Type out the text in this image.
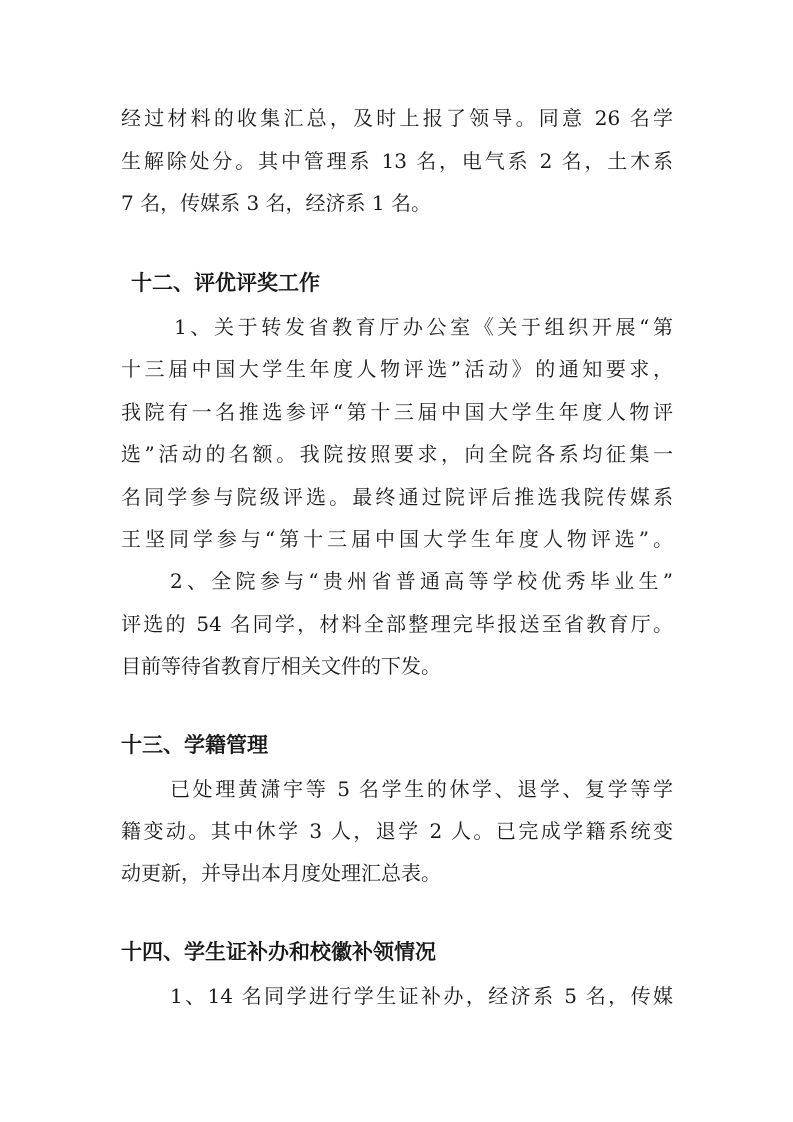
经过材料的收集汇总，及时上报了领导。同意 26 名学
生解除处分。其中管理系 13 名，电气系 2 名，土木系
7 名，传媒系 3 名，经济系 1 名。
十二、评优评奖工作
1、关于转发省教育厅办公室《关于组织开展“第
十三届中国大学生年度人物评选”活动》的通知要求，
我院有一名推选参评“第十三届中国大学生年度人物评
选”活动的名额。我院按照要求，向全院各系均征集一
名同学参与院级评选。最终通过院评后推选我院传媒系
王坚同学参与“第十三届中国大学生年度人物评选”。
2、全院参与“贵州省普通高等学校优秀毕业生”
评选的 54 名同学，材料全部整理完毕报送至省教育厅。
目前等待省教育厅相关文件的下发。
十三、学籍管理
已处理黄潇宇等 5 名学生的休学、退学、复学等学
籍变动。其中休学 3 人，退学 2 人。已完成学籍系统变
动更新，并导出本月度处理汇总表。
十四、学生证补办和校徽补领情况
1、14 名同学进行学生证补办，经济系 5 名，传媒
